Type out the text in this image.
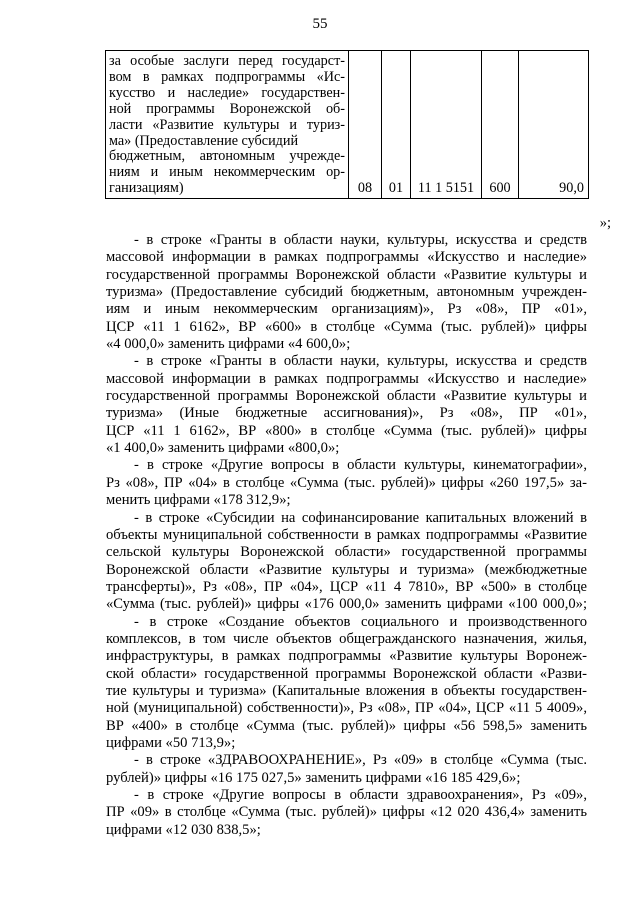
55
за особые заслуги перед государст-
вом в рамках подпрограммы «Ис-
кусство и наследие» государствен-
ной программы Воронежской об-
ласти «Развитие культуры и туриз-
ма» (Предоставление субсидий
бюджетным, автономным учрежде-
ниям и иным некоммерческим ор-
ганизациям)	08	01	11 1 5151	600	90,0
»;
- в строке «Гранты в области науки, культуры, искусства и средств
массовой информации в рамках подпрограммы «Искусство и наследие»
государственной программы Воронежской области «Развитие культуры и
туризма» (Предоставление субсидий бюджетным, автономным учрежден-
иям и иным некоммерческим организациям)», Рз «08», ПР «01»,
ЦСР «11 1 6162», ВР «600» в столбце «Сумма (тыс. рублей)» цифры
«4 000,0» заменить цифрами «4 600,0»;
- в строке «Гранты в области науки, культуры, искусства и средств
массовой информации в рамках подпрограммы «Искусство и наследие»
государственной программы Воронежской области «Развитие культуры и
туризма» (Иные бюджетные ассигнования)», Рз «08», ПР «01»,
ЦСР «11 1 6162», ВР «800» в столбце «Сумма (тыс. рублей)» цифры
«1 400,0» заменить цифрами «800,0»;
- в строке «Другие вопросы в области культуры, кинематографии»,
Рз «08», ПР «04» в столбце «Сумма (тыс. рублей)» цифры «260 197,5» за-
менить цифрами «178 312,9»;
- в строке «Субсидии на софинансирование капитальных вложений в
объекты муниципальной собственности в рамках подпрограммы «Развитие
сельской культуры Воронежской области» государственной программы
Воронежской области «Развитие культуры и туризма» (межбюджетные
трансферты)», Рз «08», ПР «04», ЦСР «11 4 7810», ВР «500» в столбце
«Сумма (тыс. рублей)» цифры «176 000,0» заменить цифрами «100 000,0»;
- в строке «Создание объектов социального и производственного
комплексов, в том числе объектов общегражданского назначения, жилья,
инфраструктуры, в рамках подпрограммы «Развитие культуры Воронеж-
ской области» государственной программы Воронежской области «Разви-
тие культуры и туризма» (Капитальные вложения в объекты государствен-
ной (муниципальной) собственности)», Рз «08», ПР «04», ЦСР «11 5 4009»,
ВР «400» в столбце «Сумма (тыс. рублей)» цифры «56 598,5» заменить
цифрами «50 713,9»;
- в строке «ЗДРАВООХРАНЕНИЕ», Рз «09» в столбце «Сумма (тыс.
рублей)» цифры «16 175 027,5» заменить цифрами «16 185 429,6»;
- в строке «Другие вопросы в области здравоохранения», Рз «09»,
ПР «09» в столбце «Сумма (тыс. рублей)» цифры «12 020 436,4» заменить
цифрами «12 030 838,5»;
